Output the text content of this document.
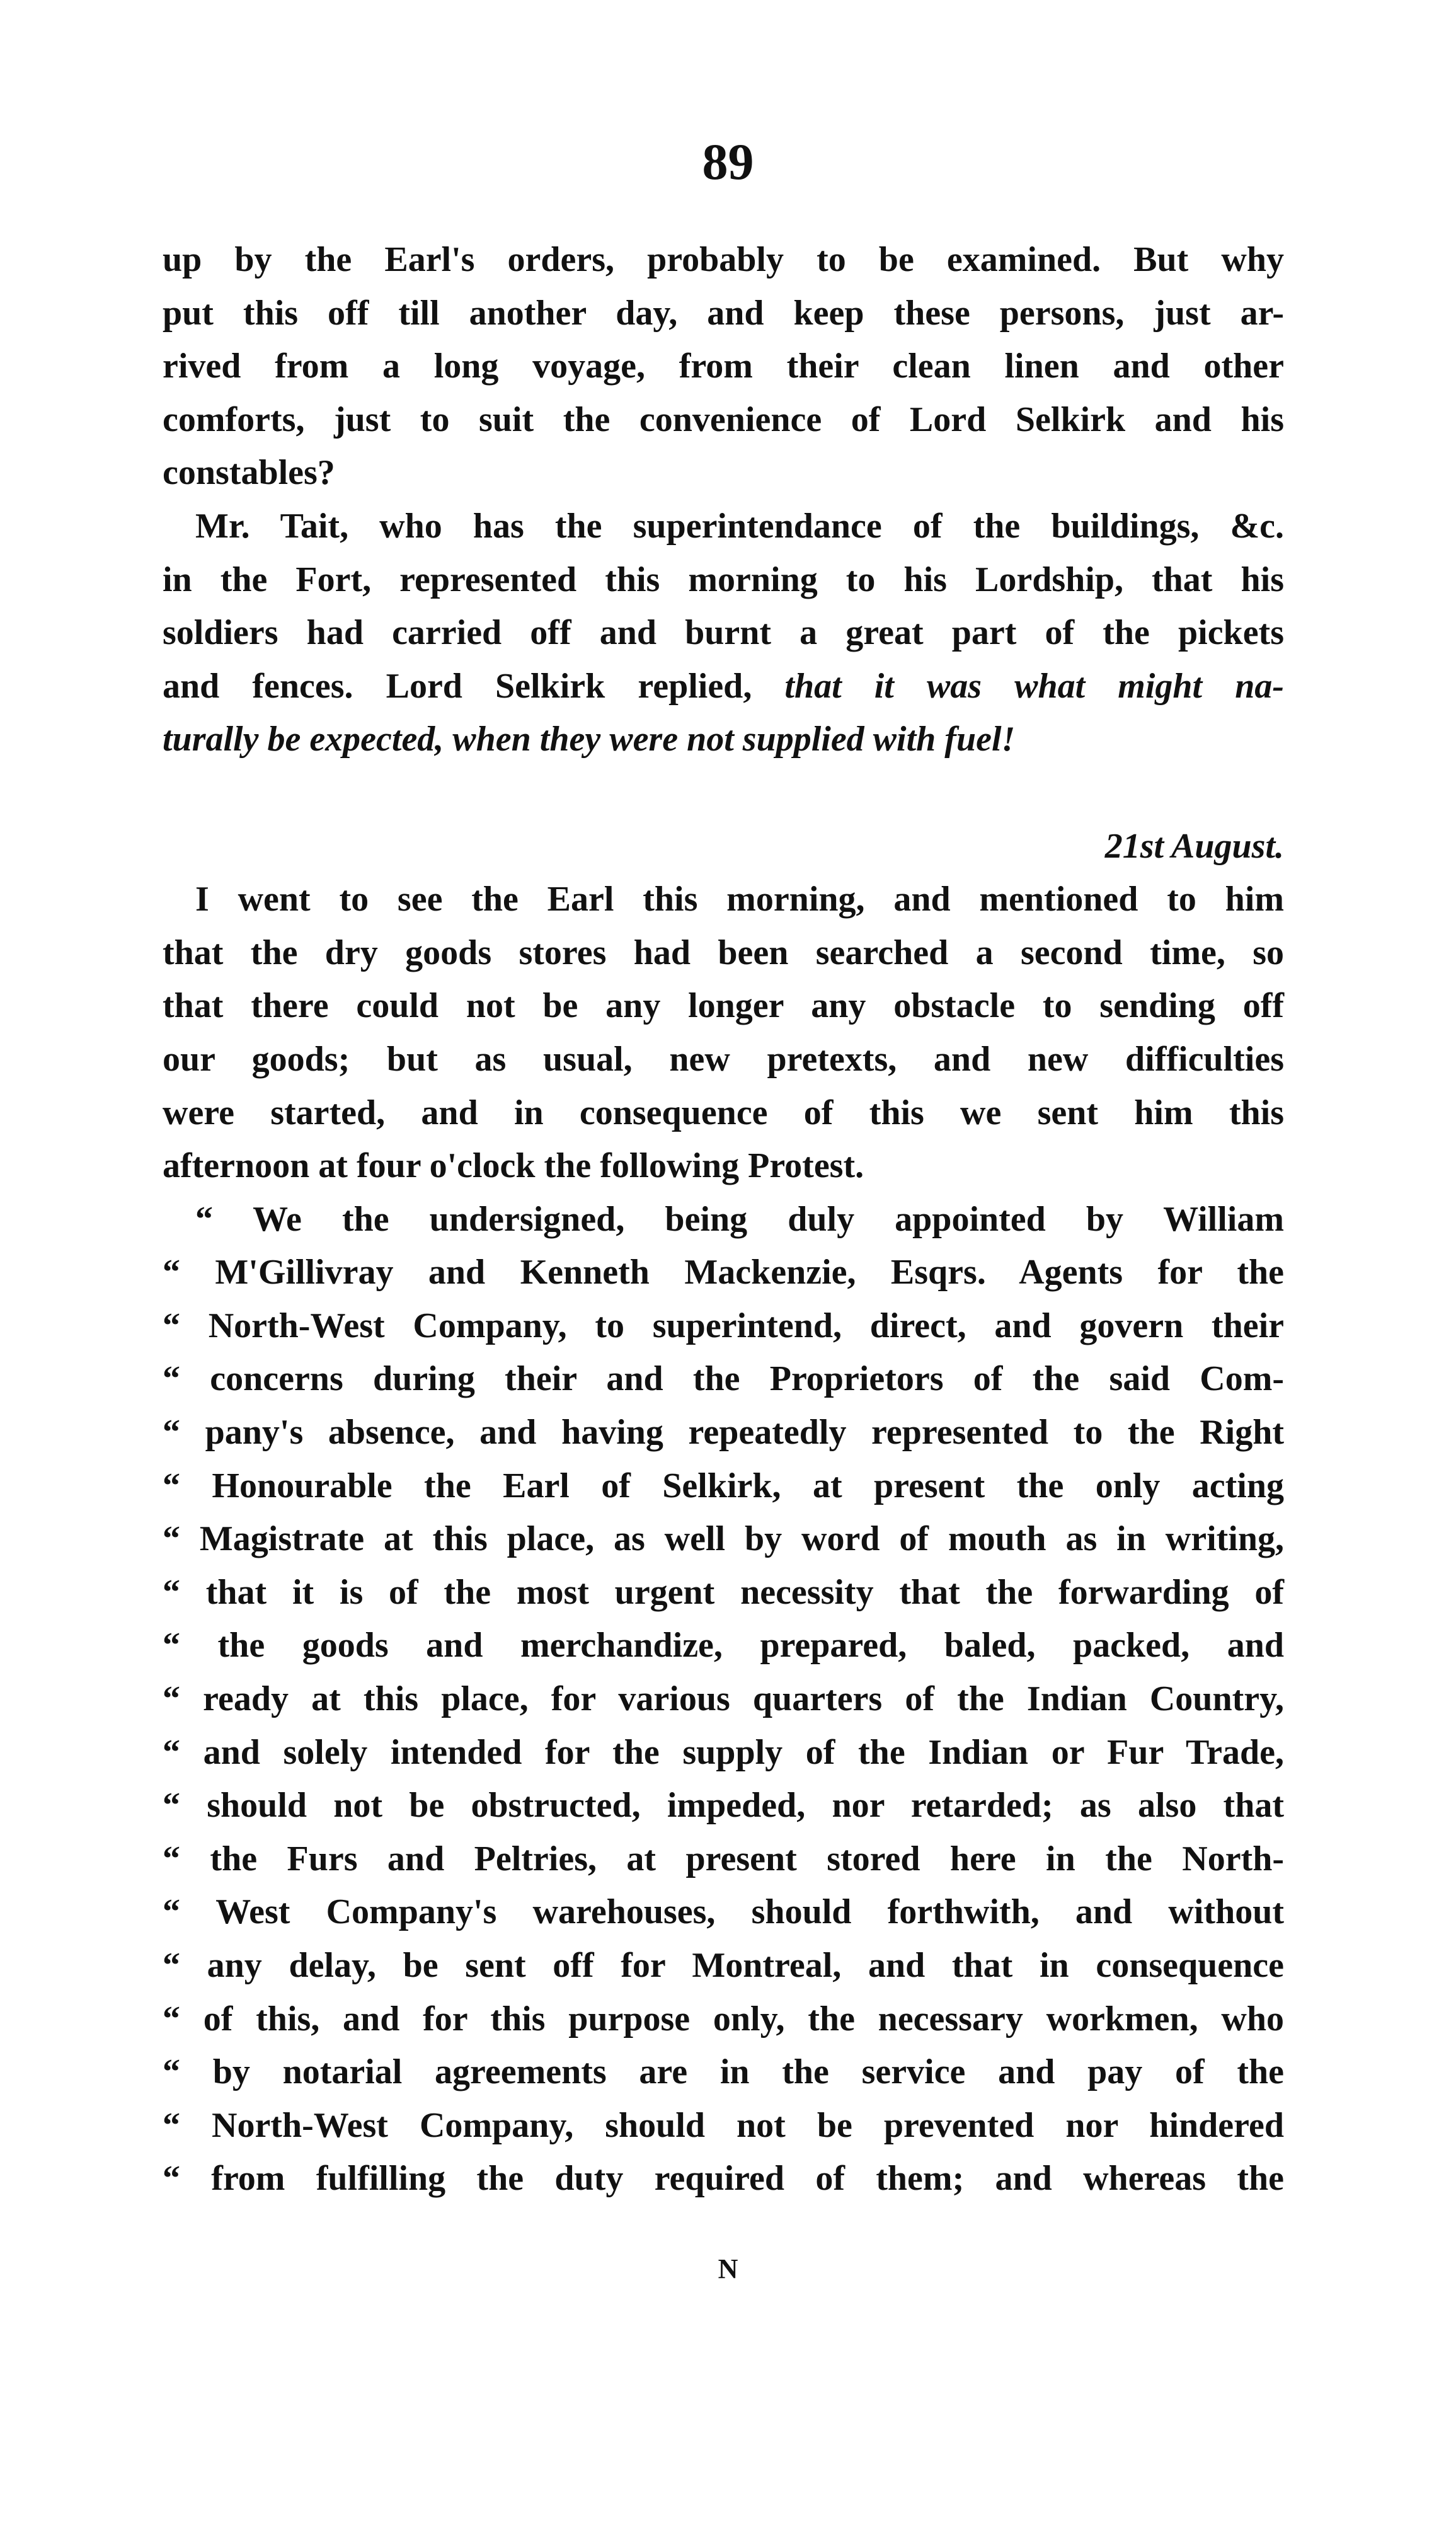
89
up by the Earl's orders, probably to be examined. But why
put this off till another day, and keep these persons, just ar-
rived from a long voyage, from their clean linen and other
comforts, just to suit the convenience of Lord Selkirk and his
constables?
Mr. Tait, who has the superintendance of the buildings, &c.
in the Fort, represented this morning to his Lordship, that his
soldiers had carried off and burnt a great part of the pickets
and fences. Lord Selkirk replied, that it was what might na-
turally be expected, when they were not supplied with fuel!
21st August.
I went to see the Earl this morning, and mentioned to him
that the dry goods stores had been searched a second time, so
that there could not be any longer any obstacle to sending off
our goods; but as usual, new pretexts, and new difficulties
were started, and in consequence of this we sent him this
afternoon at four o'clock the following Protest.
“ We the undersigned, being duly appointed by William
“ M'Gillivray and Kenneth Mackenzie, Esqrs. Agents for the
“ North-West Company, to superintend, direct, and govern their
“ concerns during their and the Proprietors of the said Com-
“ pany's absence, and having repeatedly represented to the Right
“ Honourable the Earl of Selkirk, at present the only acting
“ Magistrate at this place, as well by word of mouth as in writing,
“ that it is of the most urgent necessity that the forwarding of
“ the goods and merchandize, prepared, baled, packed, and
“ ready at this place, for various quarters of the Indian Country,
“ and solely intended for the supply of the Indian or Fur Trade,
“ should not be obstructed, impeded, nor retarded; as also that
“ the Furs and Peltries, at present stored here in the North-
“ West Company's warehouses, should forthwith, and without
“ any delay, be sent off for Montreal, and that in consequence
“ of this, and for this purpose only, the necessary workmen, who
“ by notarial agreements are in the service and pay of the
“ North-West Company, should not be prevented nor hindered
“ from fulfilling the duty required of them; and whereas the
N
